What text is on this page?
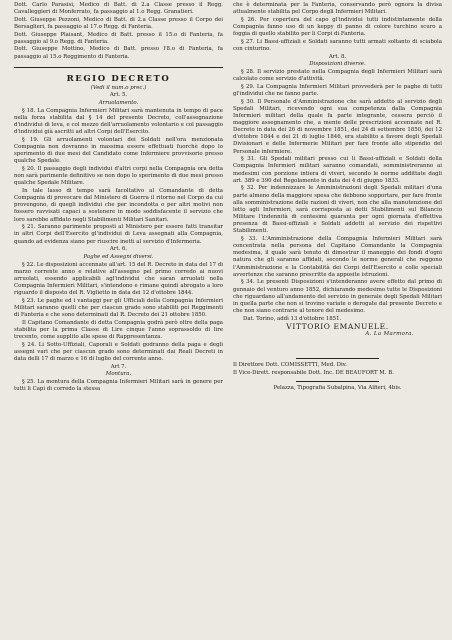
Dott. Carlo Parasisi, Medico di Batt. di 2.a Classe presso il Regg. Cavalleggieri di Monferrato, fa passaggio al 1.o Regg. Granatieri.

Dott. Giuseppe Pezzoni, Medico di Batt. di 2.a Classe presso il Corpo dei Bersaglieri, fa passaggio al 17.o Regg. di Fanteria.

Dott. Giuseppe Plaisant, Medico di Batt. presso il 15.o di Fanteria, fa passaggio al 9.o Regg. di Fanteria.

Dott. Giuseppe Mottino, Medico di Batt. presso l'8.o di Fanteria, fa passaggio al 15.o Reggimento di Fanteria.

REGIO DECRETO

(Vedi il num.o prec.)

Art. 5.

Arruolamento.

§ 18. La Compagnia Infermieri Militari sarà mantenuta in tempo di pace nella forza stabilita dal § 14 del presente Decreto, coll'assegnazione d'individui di leva, e col mezzo dell'arruolamento volontario e col passaggio d'individui già ascritti ad altri Corpi dell'Esercito.

§ 19. Gli arruolamenti volontari dei Soldati nell'ora menzionata Compagnia non dovranno in massima essere effettuati fuorchè dopo lo sperimento di due mesi del Candidato come Infermiere provvisorio presso qualche Spedale.

§ 20. Il passaggio degli individui d'altri corpi nella Compagnia ora detta non sarà parimente definitivo se non dopo lo sperimento di due mesi presso qualche Spedale Militare.

In tale lasso di tempo sarà facoltativo al Comandante di detta Compagnia di provocare dal Ministero di Guerra il ritorno nel Corpo da cui provengono, di quegli individui che per incondotta o per altri motivi non fossero ravvisati capaci a sostenere in modo soddisfacente il servizio che loro sarebbe affidato negli Stabilimenti Militari Sanitari.

§ 21. Saranno parimente proposti al Ministero per essere fatti transitar in altri Corpi dell'Esercito gl'individui di Leva assegnati alla Compagnia, quando ad evidenza siano per riuscire inetti al servizio d'Infermeria.

Art. 6.

Paghe ed Assegni diversi.

§ 22. Le disposizioni accennate all'art. 15 del R. Decreto in data del 17 di marzo corrente anno e relative all'assegno pel primo corredo ai nuovi arruolati, essendo applicabili agl'individui che saran arruolati nella Compagnia Infermieri Militari, s'intendono e rimane quindi abrogato a loro riguardo il disposto del R. Viglietto in data dei 12 d'ottobre 1844.

§ 23. Le paghe ed i vantaggi per gli Ufficiali della Compagnia Infermieri Militari saranno quelli che per ciascun grado sono stabiliti pei Reggimenti di Fanteria e che sono determinati dal R. Decreto dei 21 ottobre 1850.

Il Capitano Comandante di detta Compagnia godrà però oltre della paga stabilita per la prima Classe di Lire cinque l'anno soprassoldo di lire trecento, come supplito alle spese di Rappresentanza.

§ 24. Li Sotto-Uffiziali, Caporali e Soldati godranno della paga e degli assegni vari che per ciascun grado sono determinati dai Reali Decreti in data delli 17 di marzo e 16 di luglio del corrente anno.

Art 7.

Montura.

§ 25. La montura della Compagnia Infermieri Militari sarà in genere per tutti li Capi di corredo la stessa

che è determinata per la Fanteria, conservando però ognora la divisa attualmente stabilita pel Corpo degli Infermieri Militari.

§ 26. Per copertura del capo gl'individui tutti indistintamente della Compagnia fanno uso di un keppy di panno di colore turchino scuro a foggia di quello stabilito per li Corpi di Fanteria.

§ 27. Li Bassi-uffiziali e Soldati saranno tutti armati soltanto di sciabola con cinturino.

Art. 8.

Disposizioni diverse.

§ 28. Il servizio prestato nella Compagnia degli Infermieri Militari sarà calcolato come servizio d'attività.

§ 29. La Compagnia Infermieri Militari provvederà per le paghe di tutti gl'individui che ne fanno parte.

§ 30. Il Personale d'Amministrazione che sarà addetto al servizio degli Spedali Militari, ricevendo ogni sua competenza dalla Compagnia Infermieri militari della quale fa parte integrante, cessera perciò il maggiore assegnamento che, a mente delle prescrizioni accennate nel R. Decreto in data dei 26 di novembre 1851, dei 24 di settembre 1850, dei 12 d'ottobre 1844 e dei 21 di luglio 1846, era stabilito a favore degli Spedali Divisionari e delle Infermerie Militari per fare fronte allo stipendio del Personale infermiere.

§ 31. Gli Spedali militari presso cui li Bassi-uffiziali e Soldati della Compagnia Infermieri militari saranno comandati, somministreranno ai medesimi con porzione intiera di viveri, secondo le norme addittate dagli art. 389 e 390 del Regolamento in data dei 4 di giugno 1833.

§ 32. Per indennizzare le Amministrazioni degli Spedali militari d'una parte almeno della maggiore spesa che debbono sopportare, per fare fronte alla somministrazione delle razioni di viveri, non che alla manutenzione del letto agli Infermieri, sarà corrisposta ai detti Stabilimenti sul Bilancio Militare l'indennità di centesimi quaranta per ogni giornata d'effettiva presenza di Bassi-uffiziali e Soldati addetti al servizio dei rispettivi Stabilimenti.

§ 33. L'Amministrazione della Compagnia Infermieri Militari sarà concentrata nella persona del Capitano Comandante la Compagnia medesima, il quale sarà tenuto di dimostrar il maneggio dei fondi d'ogni natura che gli saranno affidati, secondo le norme generali che reggono l'Amministrazione e la Contabilità dei Corpi dell'Esercito e colle speciali avvertenze che saranno prescritte da apposite istruzioni.

§ 34. Le presenti Disposizioni s'intenderanno avere effetto dal primo di gennaio del venturo anno 1852, dichiarando medesimo tutte le Disposizioni che riguardano all'andamento del servizio in generale degli Spedali Militari in quella parte che non si trovino variate o derogate dal presente Decreto e che non siano contrarie al tenore del medesimo.

Dat. Torino, addì 13 d'ottobre 1851.

VITTORIO EMANUELE.

A. La Marmora.

Il Direttore Dott. COMISSETTI, Med. Div.

Il Vice-Dirett. responsabile Dott. Inc. DE BEAUFORT M. B.

Pelazza, Tipografia Subalpina, Via Alfieri, 4bis.
